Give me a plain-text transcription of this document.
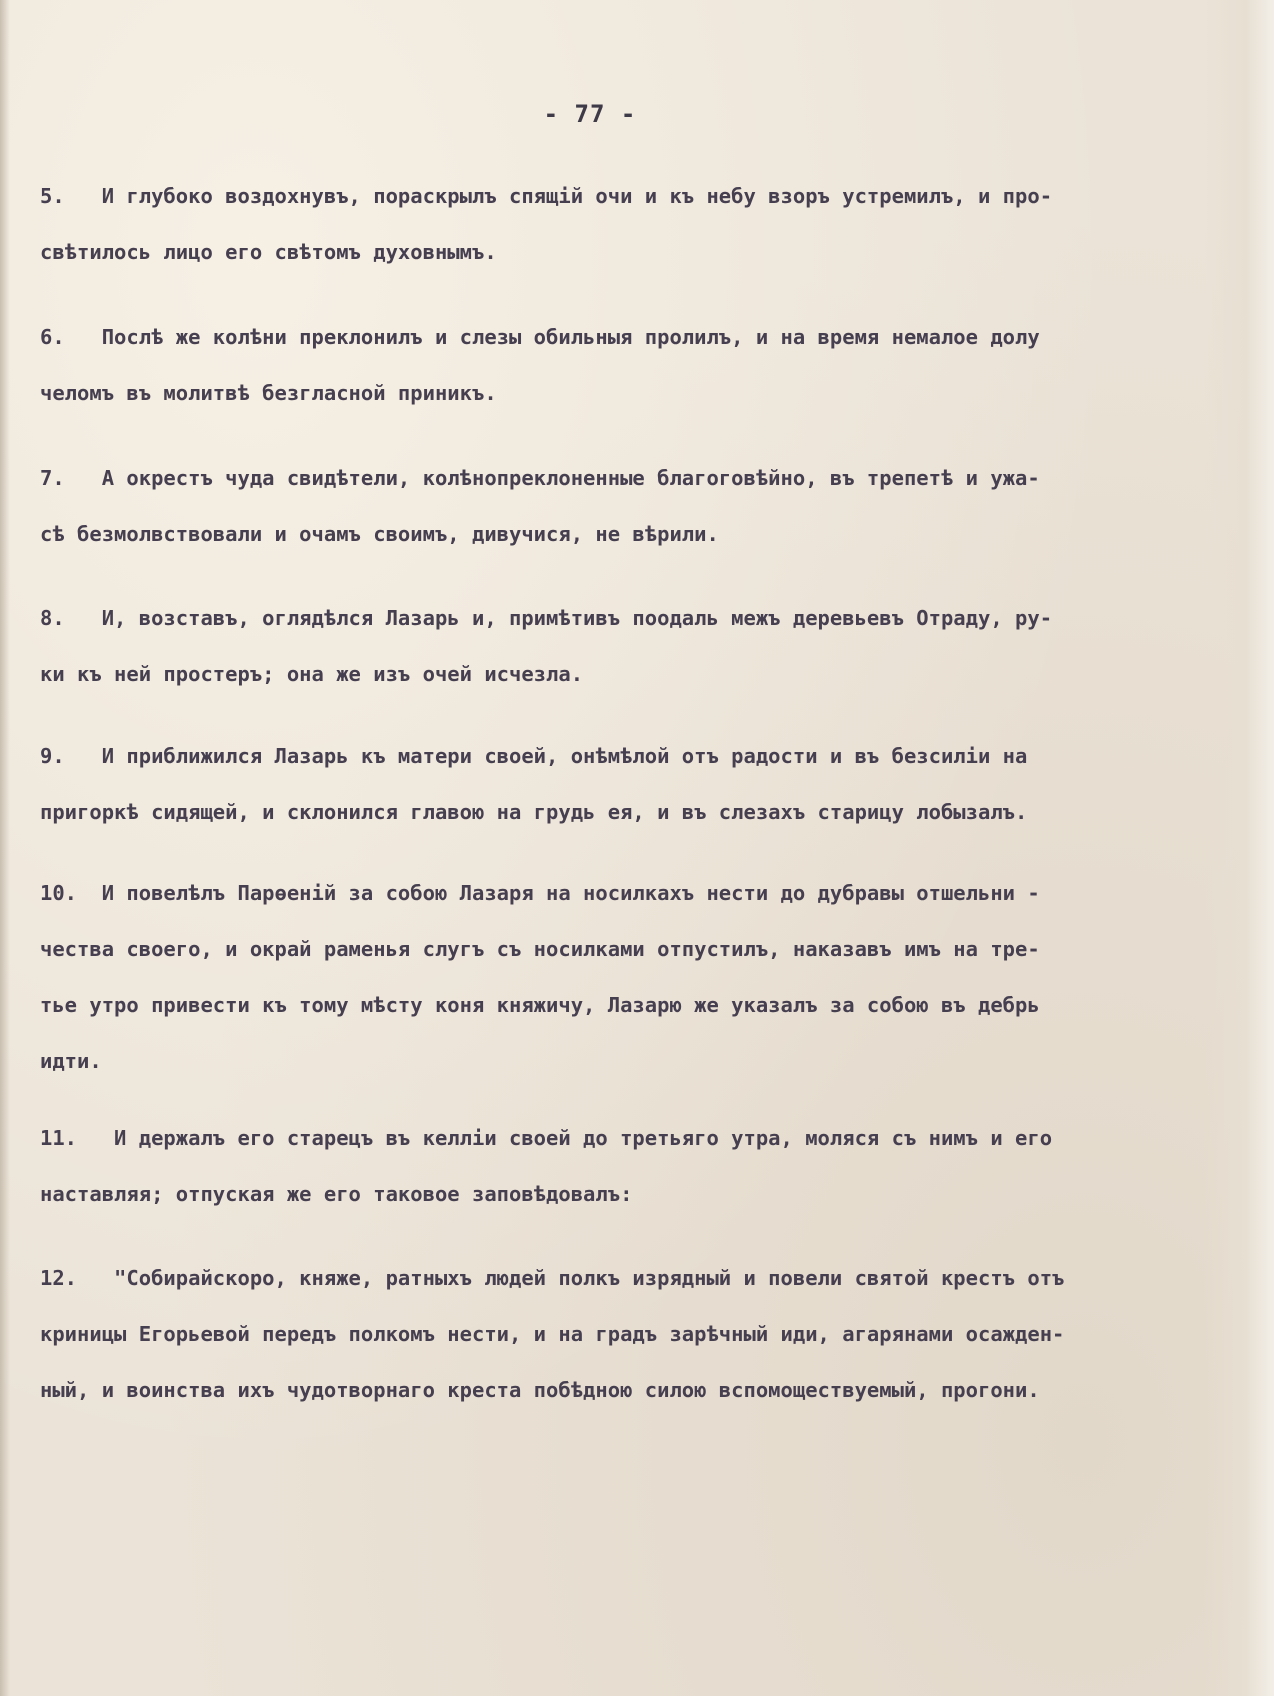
- 77 -
5.   И глубоко воздохнувъ, пораскрылъ спящій очи и къ небу взоръ устремилъ, и про-
свѣтилось лицо его свѣтомъ духовнымъ.
6.   Послѣ же колѣни преклонилъ и слезы обильныя пролилъ, и на время немалое долу
челомъ въ молитвѣ безгласной приникъ.
7.   А окрестъ чуда свидѣтели, колѣнопреклоненные благоговѣйно, въ трепетѣ и ужа-
сѣ безмолвствовали и очамъ своимъ, дивучися, не вѣрили.
8.   И, возставъ, оглядѣлся Лазарь и, примѣтивъ поодаль межъ деревьевъ Отраду, ру-
ки къ ней простеръ; она же изъ очей исчезла.
9.   И приближился Лазарь къ матери своей, онѣмѣлой отъ радости и въ безсиліи на
пригоркѣ сидящей, и склонился главою на грудь ея, и въ слезахъ старицу лобызалъ.
10.  И повелѣлъ Парѳеній за собою Лазаря на носилкахъ нести до дубравы отшельни -
чества своего, и окрай раменья слугъ съ носилками отпустилъ, наказавъ имъ на тре-
тье утро привести къ тому мѣсту коня княжичу, Лазарю же указалъ за собою въ дебрь
идти.
11.   И держалъ его старецъ въ келліи своей до третьяго утра, моляся съ нимъ и его
наставляя; отпуская же его таковое заповѣдовалъ:
12.   "Собирайскоро, княже, ратныхъ людей полкъ изрядный и повели святой крестъ отъ
криницы Егорьевой передъ полкомъ нести, и на градъ зарѣчный иди, агарянами осажден-
ный, и воинства ихъ чудотворнаго креста побѣдною силою вспомоществуемый, прогони.
